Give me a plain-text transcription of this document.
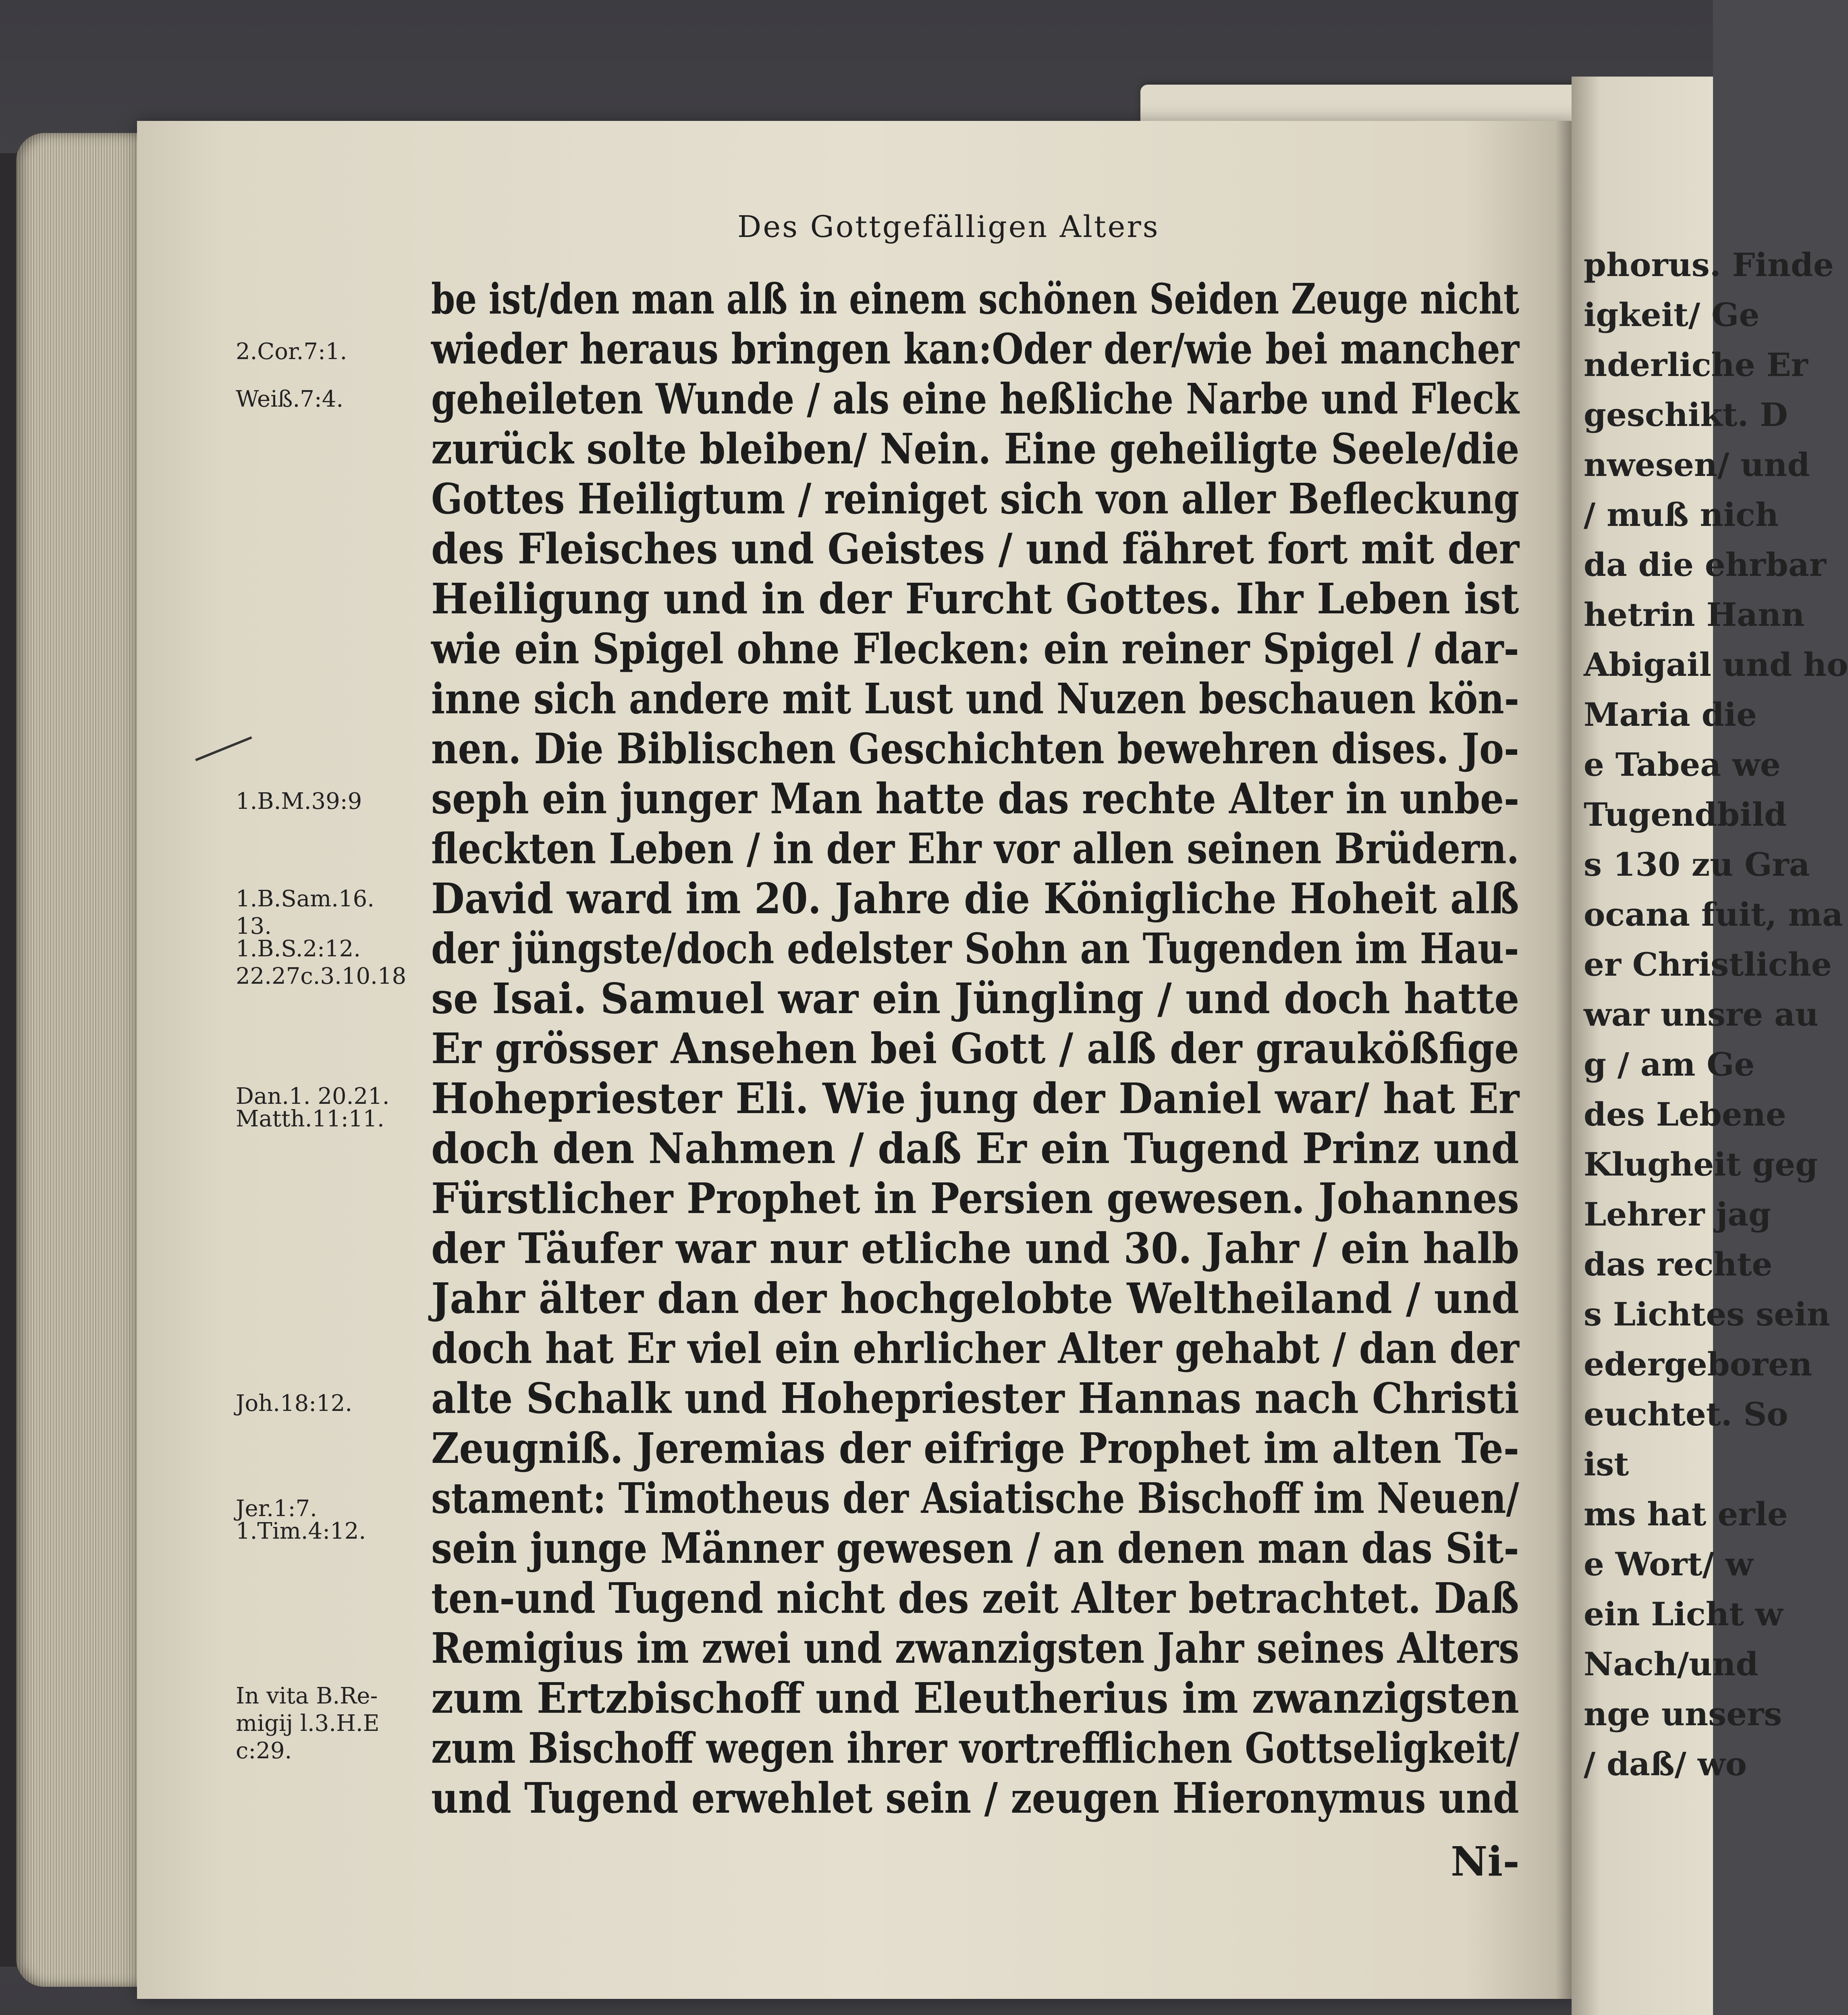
phorus. Finde
igkeit/ Ge
nderliche Er
geschikt. D
nwesen/ und
/ muß nich
da die ehrbar
hetrin Hann
Abigail und ho
Maria die
e Tabea we
Tugendbild
s 130 zu Gra
ocana fuit, ma
er Christliche
war unsre au
g / am Ge
des Lebene
Klugheit geg
Lehrer jag
das rechte
s Lichtes sein
edergeboren
euchtet. So
ist
ms hat erle
e Wort/ w
ein Licht w
Nach/und
nge unsers
/ daß/ wo
Des Gottgefälligen Alters
be ist/den man alß in einem schönen Seiden Zeuge nicht
wieder heraus bringen kan:Oder der/wie bei mancher
geheileten Wunde / als eine heßliche Narbe und Fleck
zurück solte bleiben/ Nein. Eine geheiligte Seele/die
Gottes Heiligtum / reiniget sich von aller Befleckung
des Fleisches und Geistes / und fähret fort mit der
Heiligung und in der Furcht Gottes. Ihr Leben ist
wie ein Spigel ohne Flecken: ein reiner Spigel / dar-
inne sich andere mit Lust und Nuzen beschauen kön-
nen. Die Biblischen Geschichten bewehren dises. Jo-
seph ein junger Man hatte das rechte Alter in unbe-
fleckten Leben / in der Ehr vor allen seinen Brüdern.
David ward im 20. Jahre die Königliche Hoheit alß
der jüngste/doch edelster Sohn an Tugenden im Hau-
se Isai. Samuel war ein Jüngling / und doch hatte
Er grösser Ansehen bei Gott / alß der graukößfige
Hohepriester Eli. Wie jung der Daniel war/ hat Er
doch den Nahmen / daß Er ein Tugend Prinz und
Fürstlicher Prophet in Persien gewesen. Johannes
der Täufer war nur etliche und 30. Jahr / ein halb
Jahr älter dan der hochgelobte Weltheiland / und
doch hat Er viel ein ehrlicher Alter gehabt / dan der
alte Schalk und Hohepriester Hannas nach Christi
Zeugniß. Jeremias der eifrige Prophet im alten Te-
stament: Timotheus der Asiatische Bischoff im Neuen/
sein junge Männer gewesen / an denen man das Sit-
ten-und Tugend nicht des zeit Alter betrachtet. Daß
Remigius im zwei und zwanzigsten Jahr seines Alters
zum Ertzbischoff und Eleutherius im zwanzigsten
zum Bischoff wegen ihrer vortrefflichen Gottseligkeit/
und Tugend erwehlet sein / zeugen Hieronymus und
2.Cor.7:1.
Weiß.7:4.
1.B.M.39:9
1.B.Sam.16.
13.
1.B.S.2:12.
22.27c.3.10.18
Dan.1. 20.21.
Matth.11:11.
Joh.18:12.
Jer.1:7.
1.Tim.4:12.
In vita B.Re-
migij l.3.H.E
c:29.
Ni-
